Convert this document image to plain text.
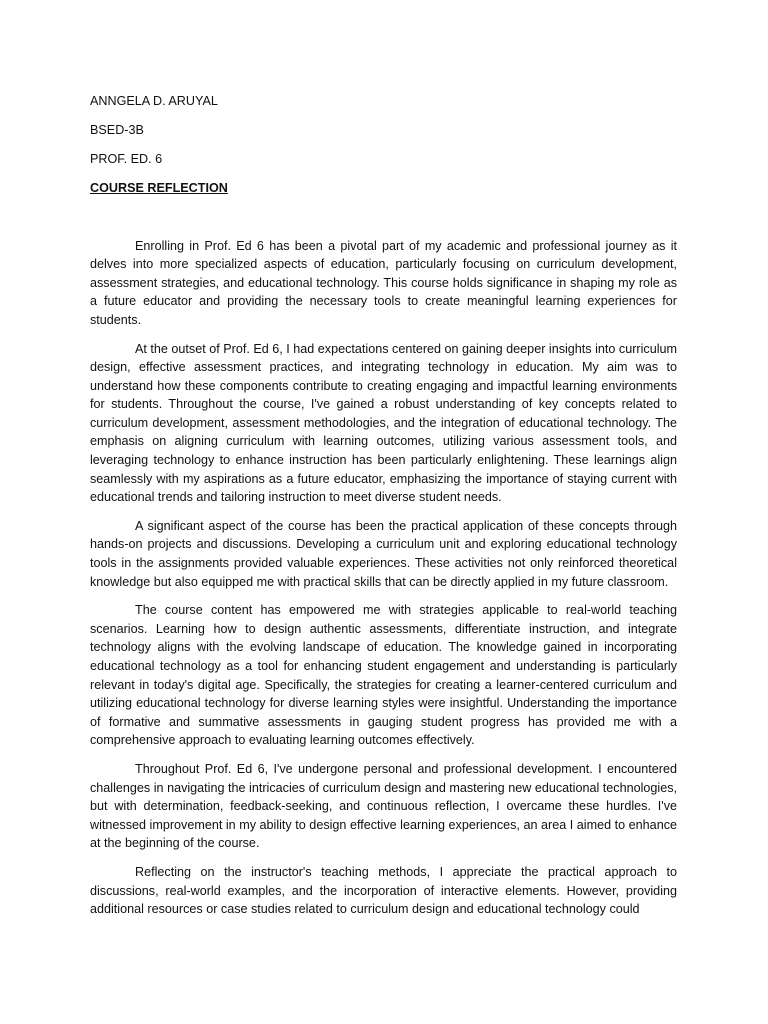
ANNGELA D. ARUYAL
BSED-3B
PROF. ED. 6
COURSE REFLECTION

Enrolling in Prof. Ed 6 has been a pivotal part of my academic and professional journey as it delves into more specialized aspects of education, particularly focusing on curriculum development, assessment strategies, and educational technology. This course holds significance in shaping my role as a future educator and providing the necessary tools to create meaningful learning experiences for students.

At the outset of Prof. Ed 6, I had expectations centered on gaining deeper insights into curriculum design, effective assessment practices, and integrating technology in education. My aim was to understand how these components contribute to creating engaging and impactful learning environments for students. Throughout the course, I've gained a robust understanding of key concepts related to curriculum development, assessment methodologies, and the integration of educational technology. The emphasis on aligning curriculum with learning outcomes, utilizing various assessment tools, and leveraging technology to enhance instruction has been particularly enlightening. These learnings align seamlessly with my aspirations as a future educator, emphasizing the importance of staying current with educational trends and tailoring instruction to meet diverse student needs.

A significant aspect of the course has been the practical application of these concepts through hands-on projects and discussions. Developing a curriculum unit and exploring educational technology tools in the assignments provided valuable experiences. These activities not only reinforced theoretical knowledge but also equipped me with practical skills that can be directly applied in my future classroom.

The course content has empowered me with strategies applicable to real-world teaching scenarios. Learning how to design authentic assessments, differentiate instruction, and integrate technology aligns with the evolving landscape of education. The knowledge gained in incorporating educational technology as a tool for enhancing student engagement and understanding is particularly relevant in today's digital age. Specifically, the strategies for creating a learner-centered curriculum and utilizing educational technology for diverse learning styles were insightful. Understanding the importance of formative and summative assessments in gauging student progress has provided me with a comprehensive approach to evaluating learning outcomes effectively.

Throughout Prof. Ed 6, I've undergone personal and professional development. I encountered challenges in navigating the intricacies of curriculum design and mastering new educational technologies, but with determination, feedback-seeking, and continuous reflection, I overcame these hurdles. I've witnessed improvement in my ability to design effective learning experiences, an area I aimed to enhance at the beginning of the course.

Reflecting on the instructor's teaching methods, I appreciate the practical approach to discussions, real-world examples, and the incorporation of interactive elements. However, providing additional resources or case studies related to curriculum design and educational technology could
